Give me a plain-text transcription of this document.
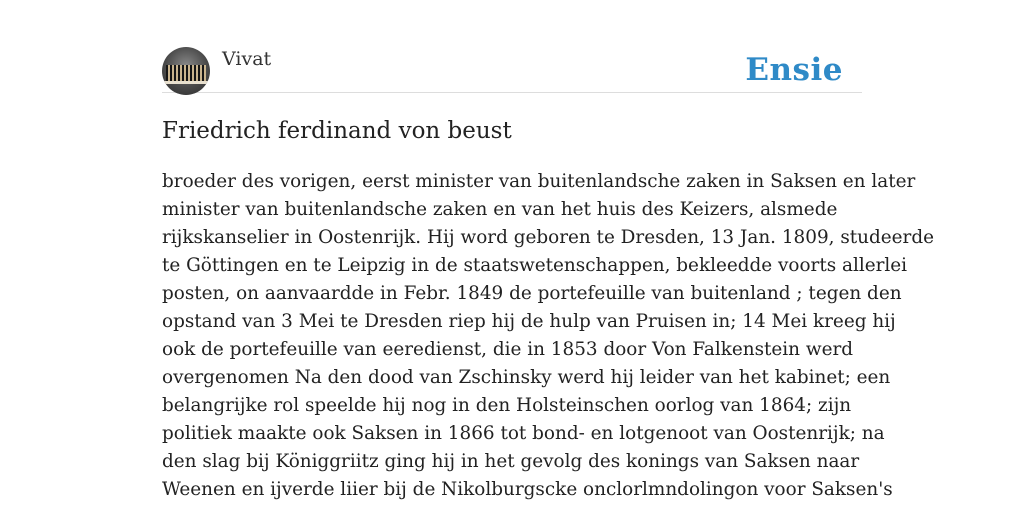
Vivat	Ensie
Friedrich ferdinand von beust
broeder des vorigen, eerst minister van buitenlandsche zaken in Saksen en later
minister van buitenlandsche zaken en van het huis des Keizers, alsmede
rijkskanselier in Oostenrijk. Hij word geboren te Dresden, 13 Jan. 1809, studeerde
te Göttingen en te Leipzig in de staatswetenschappen, bekleedde voorts allerlei
posten, on aanvaardde in Febr. 1849 de portefeuille van buitenland ; tegen den
opstand van 3 Mei te Dresden riep hij de hulp van Pruisen in; 14 Mei kreeg hij
ook de portefeuille van eeredienst, die in 1853 door Von Falkenstein werd
overgenomen Na den dood van Zschinsky werd hij leider van het kabinet; een
belangrijke rol speelde hij nog in den Holsteinschen oorlog van 1864; zijn
politiek maakte ook Saksen in 1866 tot bond- en lotgenoot van Oostenrijk; na
den slag bij Königgriitz ging hij in het gevolg des konings van Saksen naar
Weenen en ijverde liier bij de Nikolburgscke onclorlmndolingon voor Saksen's
